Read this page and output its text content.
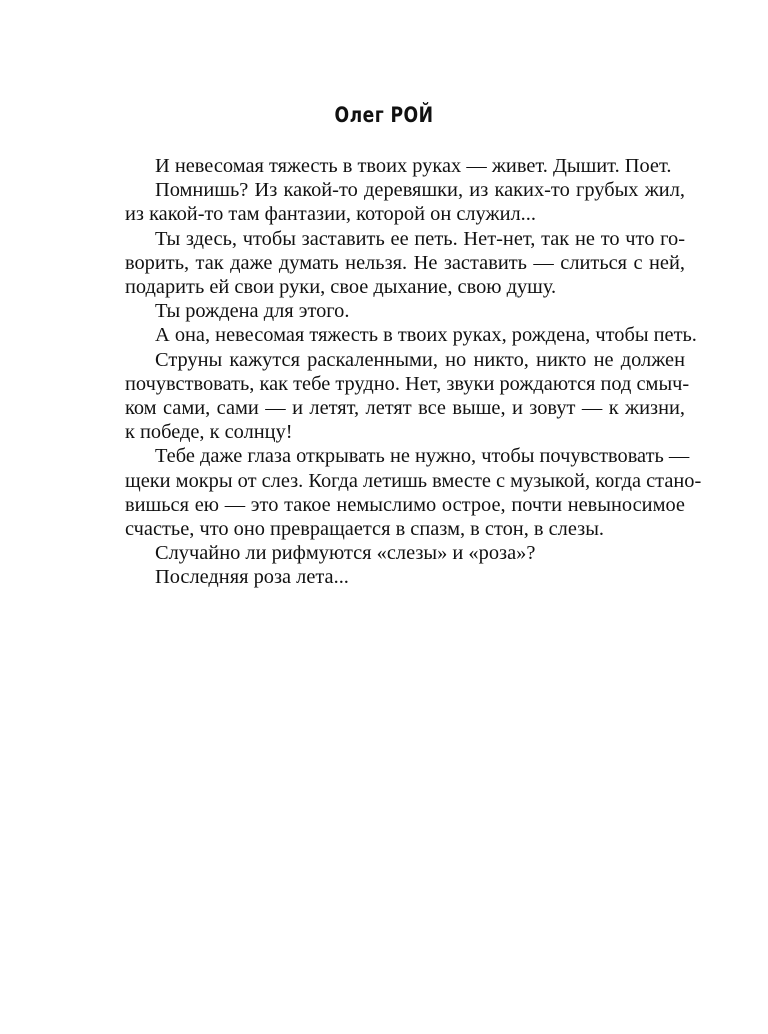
Олег РОЙ
И невесомая тяжесть в твоих руках — живет. Дышит. Поет.
Помнишь? Из какой-то деревяшки, из каких-то грубых жил,
из какой-то там фантазии, которой он служил...
Ты здесь, чтобы заставить ее петь. Нет-нет, так не то что го-
ворить, так даже думать нельзя. Не заставить — слиться с ней,
подарить ей свои руки, свое дыхание, свою душу.
Ты рождена для этого.
А она, невесомая тяжесть в твоих руках, рождена, чтобы петь.
Струны кажутся раскаленными, но никто, никто не должен
почувствовать, как тебе трудно. Нет, звуки рождаются под смыч-
ком сами, сами — и летят, летят все выше, и зовут — к жизни,
к победе, к солнцу!
Тебе даже глаза открывать не нужно, чтобы почувствовать —
щеки мокры от слез. Когда летишь вместе с музыкой, когда стано-
вишься ею — это такое немыслимо острое, почти невыносимое
счастье, что оно превращается в спазм, в стон, в слезы.
Случайно ли рифмуются «слезы» и «роза»?
Последняя роза лета...
